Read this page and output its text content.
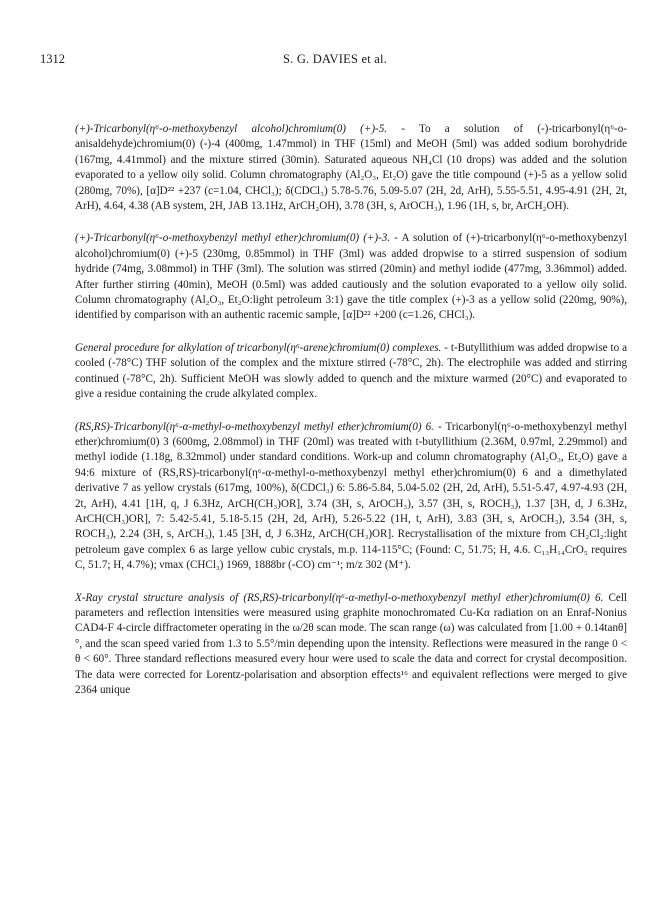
1312	S. G. DAVIES et al.

(+)-Tricarbonyl(η⁶-o-methoxybenzyl alcohol)chromium(0) (+)-5. - To a solution of (-)-tricarbonyl(η⁶-o-anisaldehyde)chromium(0) (-)-4 (400mg, 1.47mmol) in THF (15ml) and MeOH (5ml) was added sodium borohydride (167mg, 4.41mmol) and the mixture stirred (30min). Saturated aqueous NH₄Cl (10 drops) was added and the solution evaporated to a yellow oily solid. Column chromatography (Al₂O₃, Et₂O) gave the title compound (+)-5 as a yellow solid (280mg, 70%), [α]D²² +237 (c=1.04, CHCl₃); δ(CDCl₃) 5.78-5.76, 5.09-5.07 (2H, 2d, ArH), 5.55-5.51, 4.95-4.91 (2H, 2t, ArH), 4.64, 4.38 (AB system, 2H, JAB 13.1Hz, ArCH₂OH), 3.78 (3H, s, ArOCH₃), 1.96 (1H, s, br, ArCH₂OH).

(+)-Tricarbonyl(η⁶-o-methoxybenzyl methyl ether)chromium(0) (+)-3. - A solution of (+)-tricarbonyl(η⁶-o-methoxybenzyl alcohol)chromium(0) (+)-5 (230mg, 0.85mmol) in THF (3ml) was added dropwise to a stirred suspension of sodium hydride (74mg, 3.08mmol) in THF (3ml). The solution was stirred (20min) and methyl iodide (477mg, 3.36mmol) added. After further stirring (40min), MeOH (0.5ml) was added cautiously and the solution evaporated to a yellow oily solid. Column chromatography (Al₂O₃, Et₂O:light petroleum 3:1) gave the title complex (+)-3 as a yellow solid (220mg, 90%), identified by comparison with an authentic racemic sample, [α]D²² +200 (c=1.26, CHCl₃).

General procedure for alkylation of tricarbonyl(η⁶-arene)chromium(0) complexes. - t-Butyllithium was added dropwise to a cooled (-78°C) THF solution of the complex and the mixture stirred (-78°C, 2h). The electrophile was added and stirring continued (-78°C, 2h). Sufficient MeOH was slowly added to quench and the mixture warmed (20°C) and evaporated to give a residue containing the crude alkylated complex.

(RS,RS)-Tricarbonyl(η⁶-α-methyl-o-methoxybenzyl methyl ether)chromium(0) 6. - Tricarbonyl(η⁶-o-methoxybenzyl methyl ether)chromium(0) 3 (600mg, 2.08mmol) in THF (20ml) was treated with t-butyllithium (2.36M, 0.97ml, 2.29mmol) and methyl iodide (1.18g, 8.32mmol) under standard conditions. Work-up and column chromatography (Al₂O₃, Et₂O) gave a 94:6 mixture of (RS,RS)-tricarbonyl(η⁶-α-methyl-o-methoxybenzyl methyl ether)chromium(0) 6 and a dimethylated derivative 7 as yellow crystals (617mg, 100%), δ(CDCl₃) 6: 5.86-5.84, 5.04-5.02 (2H, 2d, ArH), 5.51-5.47, 4.97-4.93 (2H, 2t, ArH), 4.41 [1H, q, J 6.3Hz, ArCH(CH₃)OR], 3.74 (3H, s, ArOCH₃), 3.57 (3H, s, ROCH₃), 1.37 [3H, d, J 6.3Hz, ArCH(CH₃)OR], 7: 5.42-5.41, 5.18-5.15 (2H, 2d, ArH), 5.26-5.22 (1H, t, ArH), 3.83 (3H, s, ArOCH₃), 3.54 (3H, s, ROCH₃), 2.24 (3H, s, ArCH₃), 1.45 [3H, d, J 6.3Hz, ArCH(CH₃)OR]. Recrystallisation of the mixture from CH₂Cl₂:light petroleum gave complex 6 as large yellow cubic crystals, m.p. 114-115°C; (Found: C, 51.75; H, 4.6. C₁₃H₁₄CrO₅ requires C, 51.7; H, 4.7%); νmax (CHCl₃) 1969, 1888br (-CO) cm⁻¹; m/z 302 (M⁺).

X-Ray crystal structure analysis of (RS,RS)-tricarbonyl(η⁶-α-methyl-o-methoxybenzyl methyl ether)chromium(0) 6. Cell parameters and reflection intensities were measured using graphite monochromated Cu-Kα radiation on an Enraf-Nonius CAD4-F 4-circle diffractometer operating in the ω/2θ scan mode. The scan range (ω) was calculated from [1.00 + 0.14tanθ]°, and the scan speed varied from 1.3 to 5.5°/min depending upon the intensity. Reflections were measured in the range 0 < θ < 60°. Three standard reflections measured every hour were used to scale the data and correct for crystal decomposition. The data were corrected for Lorentz-polarisation and absorption effects¹⁶ and equivalent reflections were merged to give 2364 unique
